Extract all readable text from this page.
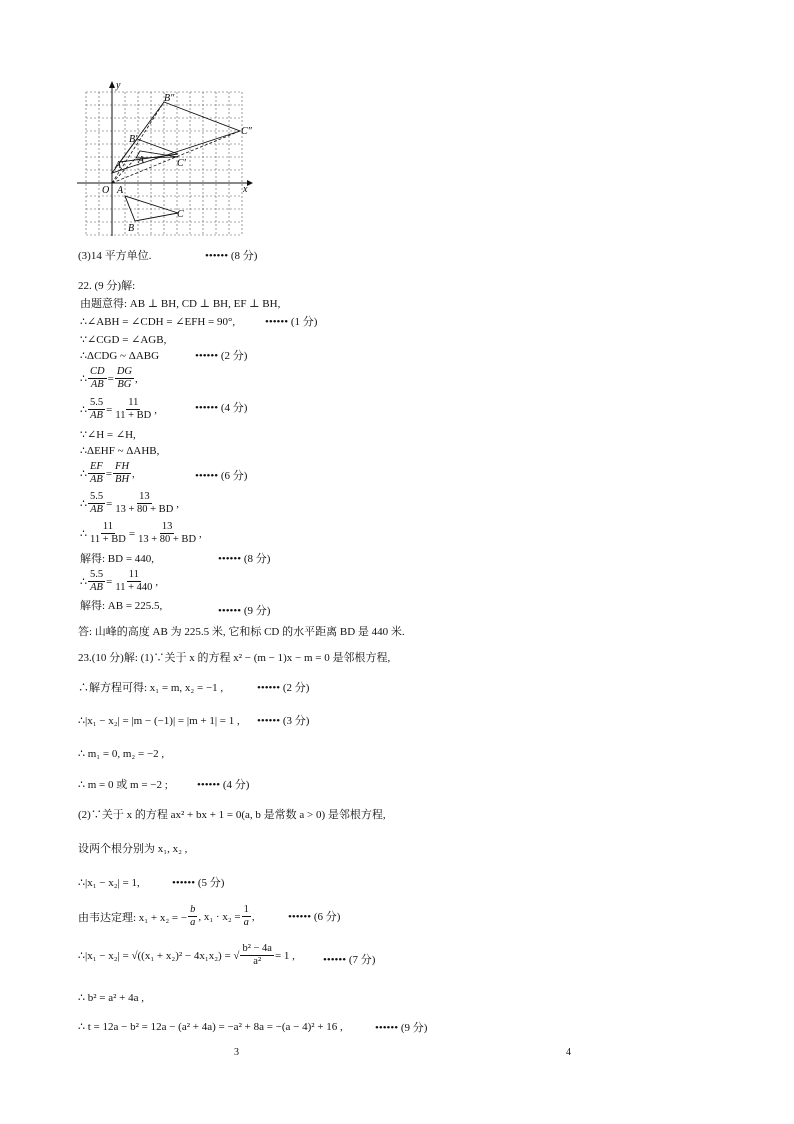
y
x
O
B″
C″
B′
A′ A	C′
A
C
B
(3)14 平方单位.	•••••• (8 分)
22. (9 分)解:
由题意得: AB ⊥ BH, CD ⊥ BH, EF ⊥ BH,
∴∠ABH = ∠CDH = ∠EFH = 90°,	•••••• (1 分)
∵∠CGD = ∠AGB,
∴ΔCDG ~ ΔABG	•••••• (2 分)
∴ $\frac{CD}{AB} = \frac{DG}{BG}$ ,
∴ $\frac{5.5}{AB} = \frac{11}{11 + BD}$ ,	•••••• (4 分)
∵∠H = ∠H,
∴ΔEHF ~ ΔAHB,
∴ $\frac{EF}{AB} = \frac{FH}{BH}$ ,	•••••• (6 分)
∴ $\frac{5.5}{AB} = \frac{13}{13 + 80 + BD}$ ,
∴ $\frac{11}{11 + BD} = \frac{13}{13 + 80 + BD}$ ,
解得: BD = 440,	•••••• (8 分)
∴ $\frac{5.5}{AB} = \frac{11}{11 + 440}$ ,
解得: AB = 225.5,	•••••• (9 分)
答: 山峰的高度 AB 为 225.5 米, 它和标 CD 的水平距离 BD 是 440 米.
23.(10 分)解: (1)∵关于 x 的方程 x² − (m − 1)x − m = 0 是邻根方程,
∴解方程可得: x₁ = m, x₂ = −1 ,	•••••• (2 分)
∴|x₁ − x₂| = |m − (−1)| = |m + 1| = 1 , •••••• (3 分)
∴ m₁ = 0, m₂ = −2 ,
∴ m = 0 或 m = −2 ;	•••••• (4 分)
(2)∵关于 x 的方程 ax² + bx + 1 = 0(a, b 是常数 a > 0) 是邻根方程,
设两个根分别为 x₁, x₂ ,
∴|x₁ − x₂| = 1,	•••••• (5 分)
由韦达定理: x₁ + x₂ = − $\frac{b}{a}$ , $x_1 \cdot x_2 = \frac{1}{a}$ ,	•••••• (6 分)
∴|x₁ − x₂| = √((x₁ + x₂)² − 4x₁x₂) = √ $\frac{\text{b² − 4a}}{\text{a²}} = 1$ ,	•••••• (7 分)
∴ b² = a² + 4a ,
∴ t = 12a − b² = 12a − (a² + 4a) = −a² + 8a = −(a − 4)² + 16 ,	•••••• (9 分)
3	4
